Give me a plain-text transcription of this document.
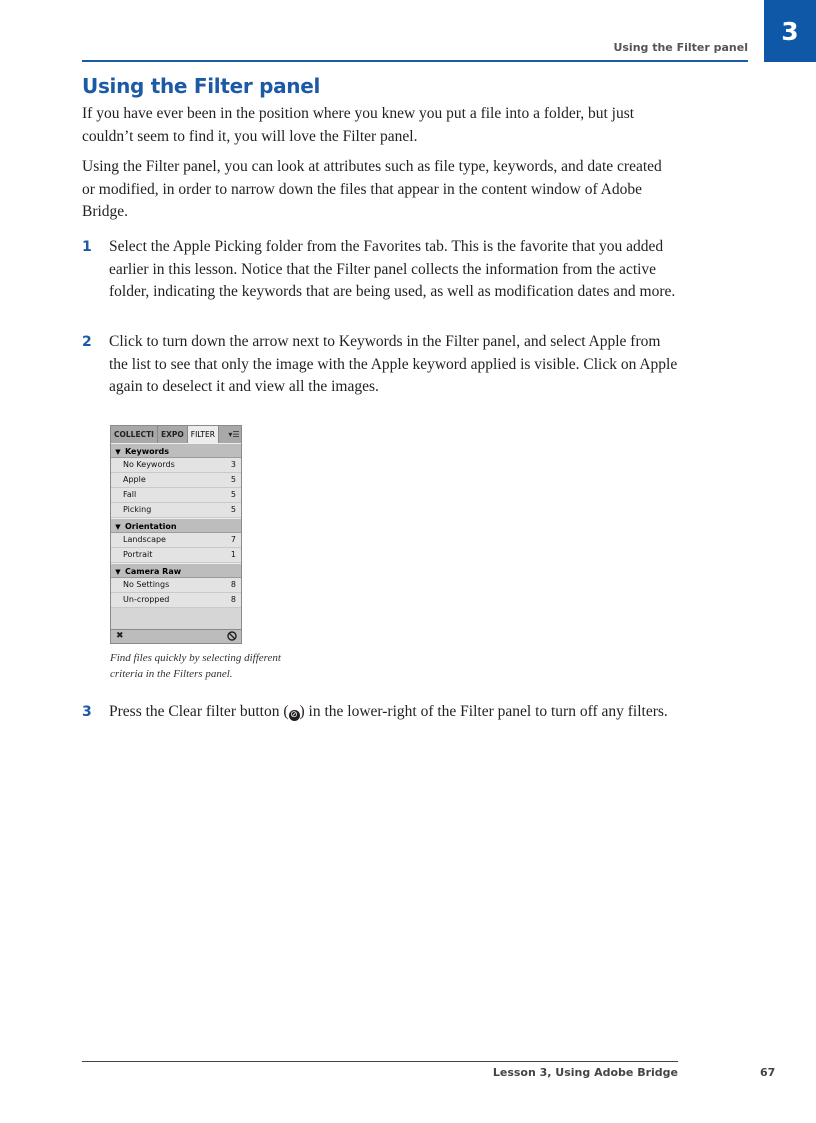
Using the Filter panel
3
Using the Filter panel

If you have ever been in the position where you knew you put a file into a folder, but just couldn’t seem to find it, you will love the Filter panel.

Using the Filter panel, you can look at attributes such as file type, keywords, and date created or modified, in order to narrow down the files that appear in the content window of Adobe Bridge.

1 Select the Apple Picking folder from the Favorites tab. This is the favorite that you added earlier in this lesson. Notice that the Filter panel collects the information from the active folder, indicating the keywords that are being used, as well as modification dates and more.
2 Click to turn down the arrow next to Keywords in the Filter panel, and select Apple from the list to see that only the image with the Apple keyword applied is visible. Click on Apple again to deselect it and view all the images.
COLLECTI EXPO FILTER	▾☰
▼ Keywords
No Keywords	3
Apple	5
Fall	5
Picking	5
▼ Orientation
Landscape	7
Portrait	1
▼ Camera Raw
No Settings	8
Un-cropped	8
✖

Find files quickly by selecting different criteria in the Filters panel.

3 Press the Clear filter button ( ⊘ ) in the lower-right of the Filter panel to turn off any filters.
Lesson 3, Using Adobe Bridge	67
